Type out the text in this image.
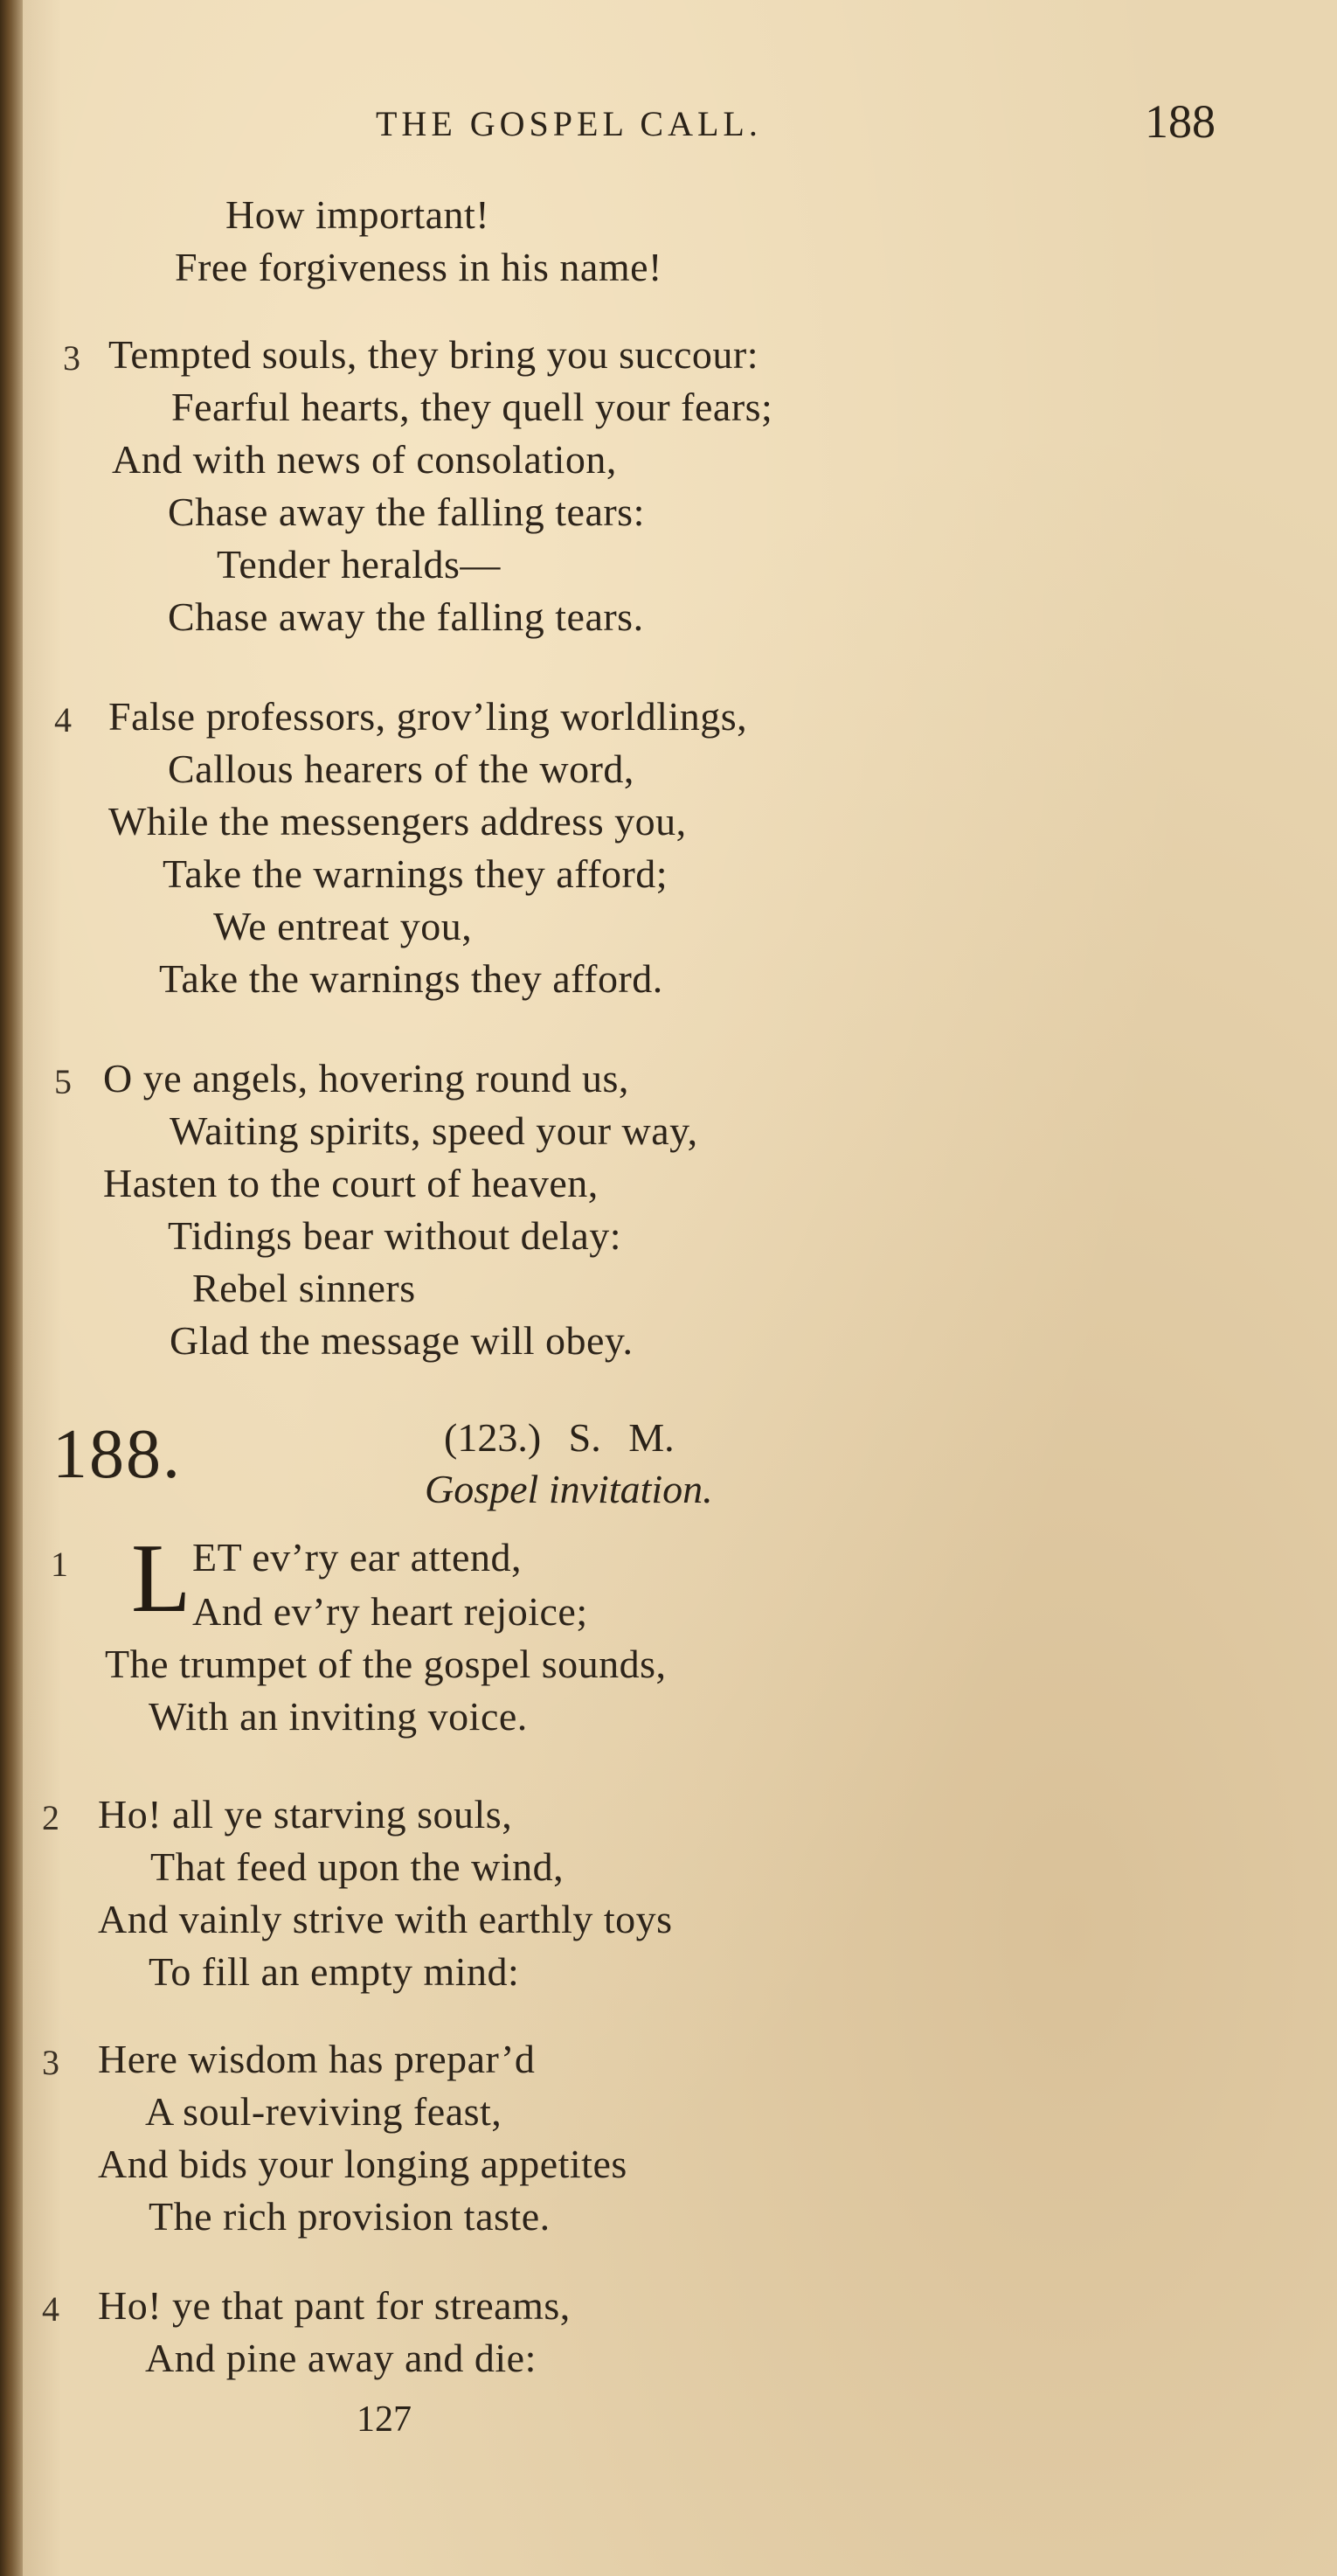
THE GOSPEL CALL.	188
How important!
Free forgiveness in his name!
3 Tempted souls, they bring you succour:
Fearful hearts, they quell your fears;
And with news of consolation,
Chase away the falling tears:
Tender heralds—
Chase away the falling tears.
4 False professors, grov’ling worldlings,
Callous hearers of the word,
While the messengers address you,
Take the warnings they afford;
We entreat you,
Take the warnings they afford.
5 O ye angels, hovering round us,
Waiting spirits, speed your way,
Hasten to the court of heaven,
Tidings bear without delay:
Rebel sinners
Glad the message will obey.
188.	(123.) S. M.
Gospel invitation.
1 L ET ev’ry ear attend,
And ev’ry heart rejoice;
The trumpet of the gospel sounds,
With an inviting voice.
2 Ho! all ye starving souls,
That feed upon the wind,
And vainly strive with earthly toys
To fill an empty mind:
3 Here wisdom has prepar’d
A soul-reviving feast,
And bids your longing appetites
The rich provision taste.
4 Ho! ye that pant for streams,
And pine away and die:
127
